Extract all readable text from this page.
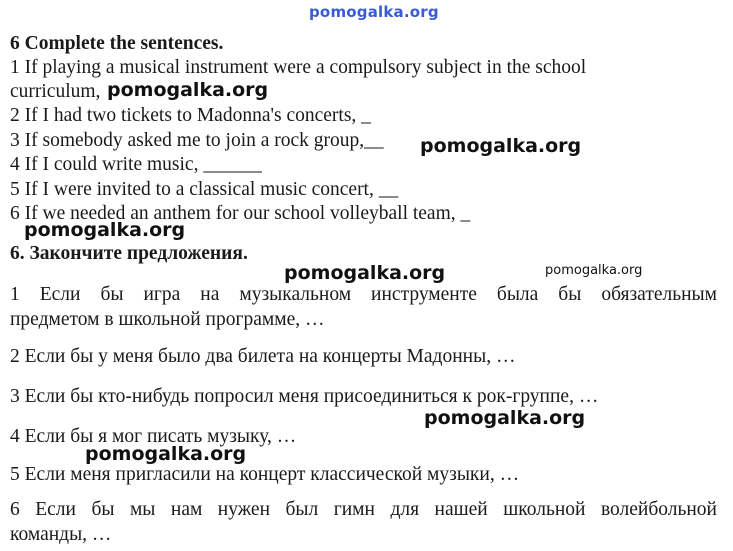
pomogalka.org
6 Complete the sentences.
1 If playing a musical instrument were a compulsory subject in the school
curriculum,
2 If I had two tickets to Madonna's concerts, _
3 If somebody asked me to join a rock group,__
4 If I could write music, ______
5 If I were invited to a classical music concert, __
6 If we needed an anthem for our school volleyball team, _
6. Закончите предложения.
1 Если бы игра на музыкальном инструменте была бы обязательным
предметом в школьной программе, …
2 Если бы у меня было два билета на концерты Мадонны, …
3 Если бы кто-нибудь попросил меня присоединиться к рок-группе, …
4 Если бы я мог писать музыку, …
5 Если меня пригласили на концерт классической музыки, …
6 Если бы мы нам нужен был гимн для нашей школьной волейбольной
команды, …
pomogalka.org
pomogalka.org
pomogalka.org
pomogalka.org	pomogalka.org
pomogalka.org
pomogalka.org
